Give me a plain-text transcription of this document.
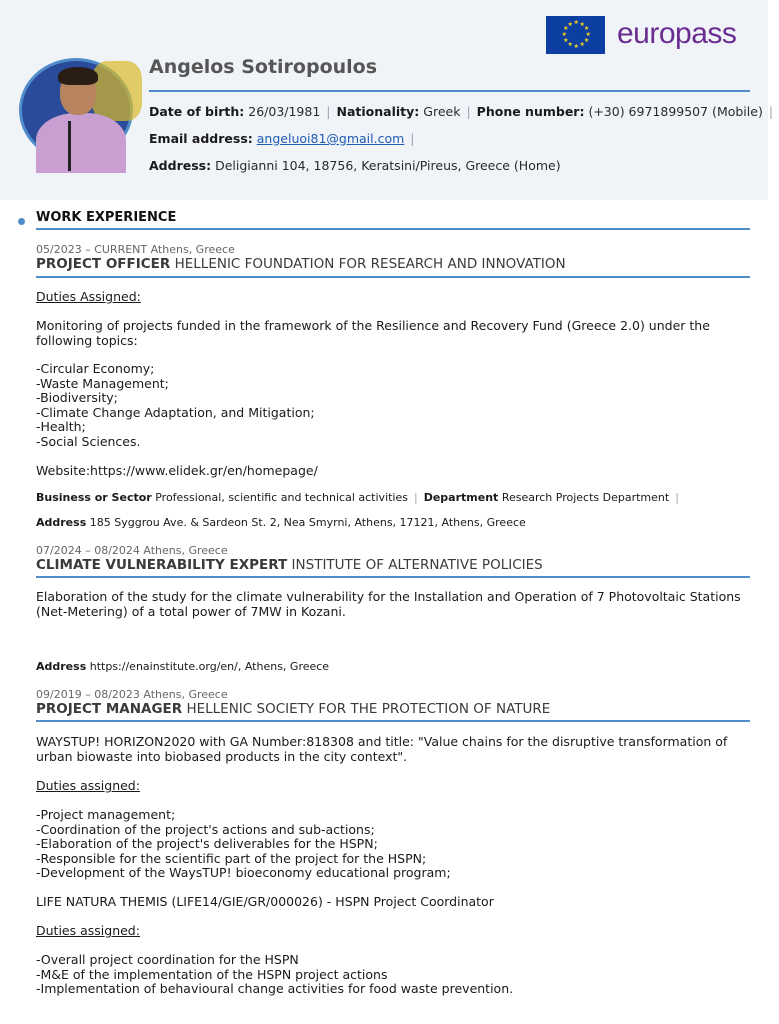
★
★
★
★
★
★
★
★
★ ★ ★
★ europass
Angelos Sotiropoulos
Date of birth: 26/03/1981 | Nationality: Greek | Phone number: (+30) 6971899507 (Mobile) |
Email address: angeluoi81@gmail.com |
Address: Deligianni 104, 18756, Keratsini/Pireus, Greece (Home)
WORK EXPERIENCE
05/2023 – CURRENT Athens, Greece
PROJECT OFFICER HELLENIC FOUNDATION FOR RESEARCH AND INNOVATION
Duties Assigned:
Monitoring of projects funded in the framework of the Resilience and Recovery Fund (Greece 2.0) under the following topics:
-Circular Economy;
-Waste Management;
-Biodiversity;
-Climate Change Adaptation, and Mitigation;
-Health;
-Social Sciences.
Website:https://www.elidek.gr/en/homepage/
Business or Sector Professional, scientific and technical activities | Department Research Projects Department |
Address 185 Syggrou Ave. & Sardeon St. 2, Nea Smyrni, Athens, 17121, Athens, Greece
07/2024 – 08/2024 Athens, Greece
CLIMATE VULNERABILITY EXPERT INSTITUTE OF ALTERNATIVE POLICIES
Elaboration of the study for the climate vulnerability for the Installation and Operation of 7 Photovoltaic Stations (Net-Metering) of a total power of 7MW in Kozani.
Address https://enainstitute.org/en/, Athens, Greece
09/2019 – 08/2023 Athens, Greece
PROJECT MANAGER HELLENIC SOCIETY FOR THE PROTECTION OF NATURE
WAYSTUP! HORIZON2020 with GA Number:818308 and title: "Value chains for the disruptive transformation of urban biowaste into biobased products in the city context".
Duties assigned:
-Project management;
-Coordination of the project's actions and sub-actions;
-Elaboration of the project's deliverables for the HSPN;
-Responsible for the scientific part of the project for the HSPN;
-Development of the WaysTUP! bioeconomy educational program;
LIFE NATURA THEMIS (LIFE14/GIE/GR/000026) - HSPN Project Coordinator
Duties assigned:
-Overall project coordination for the HSPN
-M&E of the implementation of the HSPN project actions
-Implementation of behavioural change activities for food waste prevention.
